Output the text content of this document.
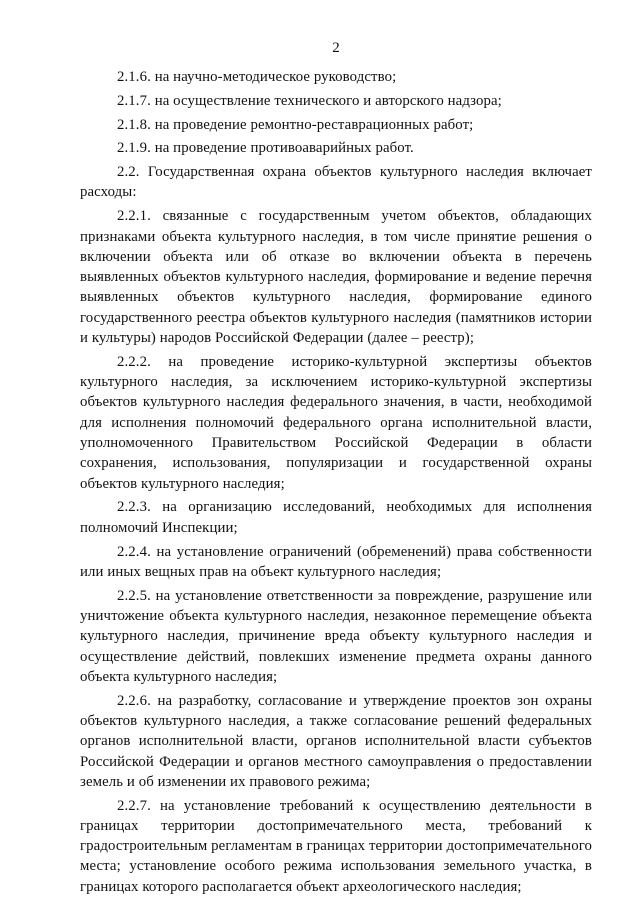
2

2.1.6. на научно-методическое руководство;

2.1.7. на осуществление технического и авторского надзора;

2.1.8. на проведение ремонтно-реставрационных работ;

2.1.9. на проведение противоаварийных работ.

2.2. Государственная охрана объектов культурного наследия включает расходы:

2.2.1. связанные с государственным учетом объектов, обладающих признаками объекта культурного наследия, в том числе принятие решения о включении объекта или об отказе во включении объекта в перечень выявленных объектов культурного наследия, формирование и ведение перечня выявленных объектов культурного наследия, формирование единого государственного реестра объектов культурного наследия (памятников истории и культуры) народов Российской Федерации (далее – реестр);

2.2.2. на проведение историко-культурной экспертизы объектов культурного наследия, за исключением историко-культурной экспертизы объектов культурного наследия федерального значения, в части, необходимой для исполнения полномочий федерального органа исполнительной власти, уполномоченного Правительством Российской Федерации в области сохранения, использования, популяризации и государственной охраны объектов культурного наследия;

2.2.3. на организацию исследований, необходимых для исполнения полномочий Инспекции;

2.2.4. на установление ограничений (обременений) права собственности или иных вещных прав на объект культурного наследия;

2.2.5. на установление ответственности за повреждение, разрушение или уничтожение объекта культурного наследия, незаконное перемещение объекта культурного наследия, причинение вреда объекту культурного наследия и осуществление действий, повлекших изменение предмета охраны данного объекта культурного наследия;

2.2.6. на разработку, согласование и утверждение проектов зон охраны объектов культурного наследия, а также согласование решений федеральных органов исполнительной власти, органов исполнительной власти субъектов Российской Федерации и органов местного самоуправления о предоставлении земель и об изменении их правового режима;

2.2.7. на установление требований к осуществлению деятельности в границах территории достопримечательного места, требований к градостроительным регламентам в границах территории достопримечательного места; установление особого режима использования земельного участка, в границах которого располагается объект археологического наследия;
